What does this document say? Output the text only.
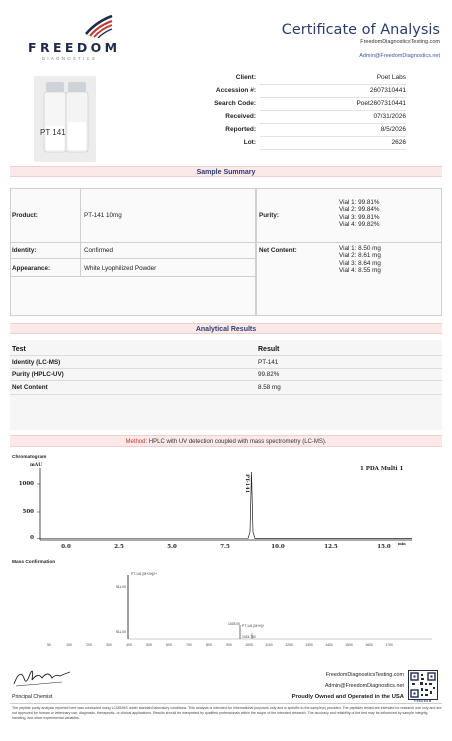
FREEDOM
DIAGNOSTICS
Certificate of Analysis
FreedomDiagnosticsTesting.com
Admin@FreedomDiagnostics.net
PT 141
Client:	Poet Labs
Accession #:	2607310441
Search Code:	Poet2607310441
Received:	07/31/2026
Reported:	8/5/2026
Lot:	2626
Sample Summary
Product:	PT-141 10mg
Identity:	Confirmed
Appearance:	White Lyophilized Powder
Purity:
Vial 1: 99.81%
Vial 2: 99.84%
Vial 3: 99.81%
Vial 4: 99.82%
Net Content:	Vial 1: 8.50 mg
Vial 2: 8.61 mg
Vial 3: 8.64 mg
Vial 4: 8.55 mg
Analytical Results
Test	Result
Identity (LC-MS)	PT-141
Purity (HPLC-UV)	99.82%
Net Content	8.58 mg
Method: HPLC with UV detection coupled with mass spectrometry (LC-MS).
Chromatogram
mAU
1 PDA Multi 1
PT-141
1000
500
0
0.0	2.5	5.0	7.5	10.0	12.5	15.0	min
Mass Confirmation
PT-141 [M+2H]2+
511.00
511.00
1025.00 PT-141 [M+H]+
1024.700
50	100	200	300	400	500	600	700	800	900	1000	1100	1200	1300	1400	1500	1600	1700
Principal Chemist
FreedomDiagnosticsTesting.com
Admin@FreedomDiagnostics.net
Proudly Owned and Operated in the USA
FREEDOM
The peptide purity analysis reported here was conducted using LCMS/MS under standard laboratory conditions. This analysis is intended for informational purposes only and is specific to the sample(s) provided. The peptides tested are intended for research use only and are not approved for human or veterinary use, diagnostic, therapeutic, or clinical applications. Results should be interpreted by qualified professionals within the scope of the intended research. The accuracy and reliability of the test may be influenced by sample integrity, handling, and other experimental variables.
